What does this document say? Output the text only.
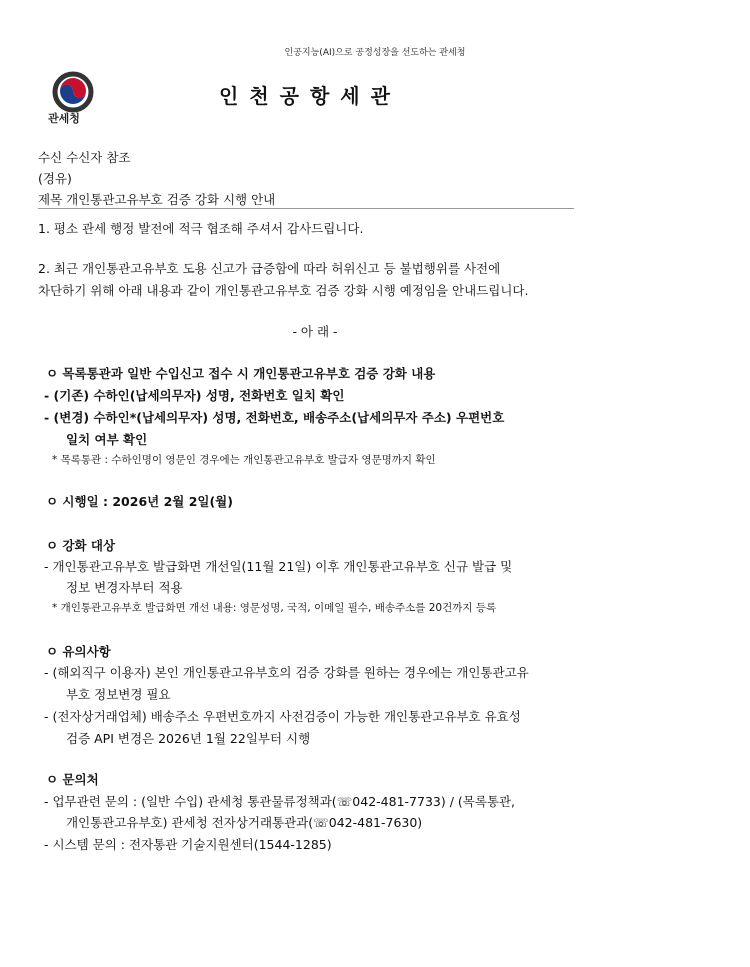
인공지능(AI)으로 공정성장을 선도하는 관세청
관세청
인천공항세관
수신 수신자 참조
(경유)
제목 개인통관고유부호 검증 강화 시행 안내
1. 평소 관세 행정 발전에 적극 협조해 주셔서 감사드립니다.
2. 최근 개인통관고유부호 도용 신고가 급증함에 따라 허위신고 등 불법행위를 사전에
차단하기 위해 아래 내용과 같이 개인통관고유부호 검증 강화 시행 예정임을 안내드립니다.
- 아 래 -
ㅇ 목록통관과 일반 수입신고 접수 시 개인통관고유부호 검증 강화 내용
- (기존) 수하인(납세의무자) 성명, 전화번호 일치 확인
- (변경) 수하인*(납세의무자) 성명, 전화번호, 배송주소(납세의무자 주소) 우편번호
일치 여부 확인
* 목록통관 : 수하인명이 영문인 경우에는 개인통관고유부호 발급자 영문명까지 확인
ㅇ 시행일 : 2026년 2월 2일(월)
ㅇ 강화 대상
- 개인통관고유부호 발급화면 개선일(11월 21일) 이후 개인통관고유부호 신규 발급 및
정보 변경자부터 적용
* 개인통관고유부호 발급화면 개선 내용: 영문성명, 국적, 이메일 필수, 배송주소를 20건까지 등록
ㅇ 유의사항
- (해외직구 이용자) 본인 개인통관고유부호의 검증 강화를 원하는 경우에는 개인통관고유
부호 정보변경 필요
- (전자상거래업체) 배송주소 우편번호까지 사전검증이 가능한 개인통관고유부호 유효성
검증 API 변경은 2026년 1월 22일부터 시행
ㅇ 문의처
- 업무관련 문의 : (일반 수입) 관세청 통관물류정책과(☏042-481-7733) / (목록통관,
개인통관고유부호) 관세청 전자상거래통관과(☏042-481-7630)
- 시스템 문의 : 전자통관 기술지원센터(1544-1285)
